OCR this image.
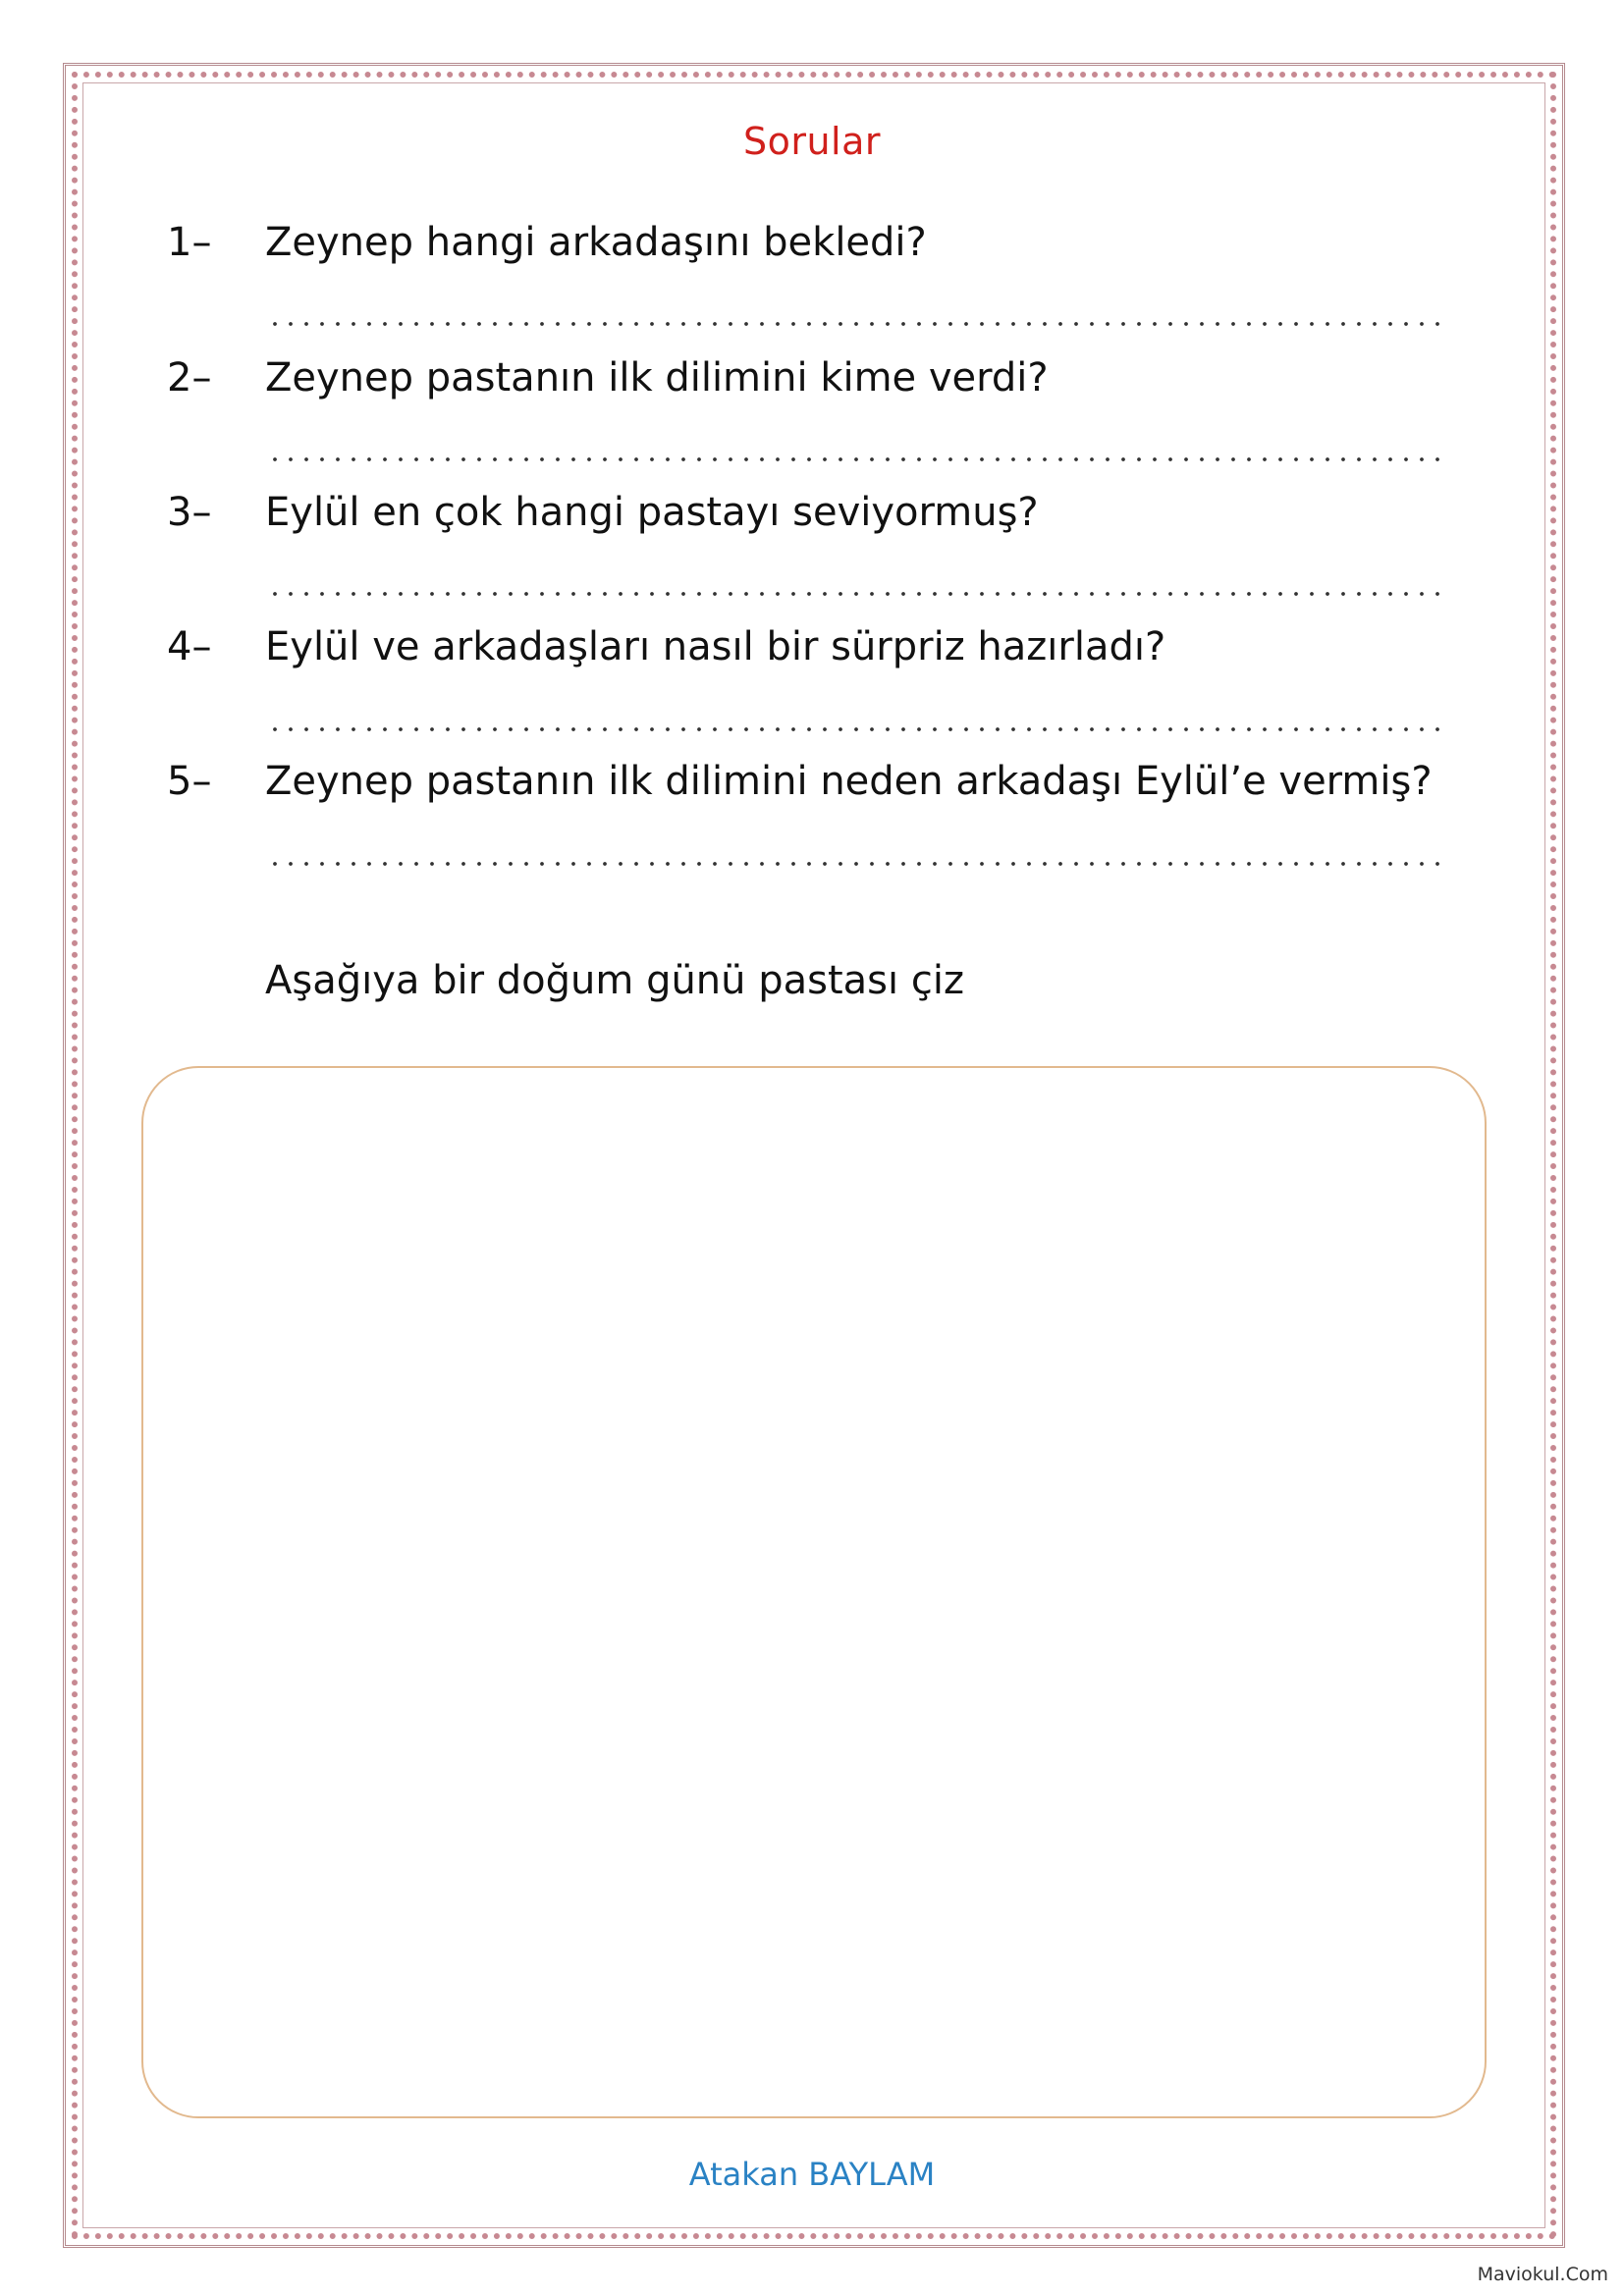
Sorular
1– Zeynep hangi arkadaşını bekledi?
2– Zeynep pastanın ilk dilimini kime verdi?
3– Eylül en çok hangi pastayı seviyormuş?
4– Eylül ve arkadaşları nasıl bir sürpriz hazırladı?
5– Zeynep pastanın ilk dilimini neden arkadaşı Eylül’e vermiş?
Aşağıya bir doğum günü pastası çiz
Atakan BAYLAM
Maviokul.Com
